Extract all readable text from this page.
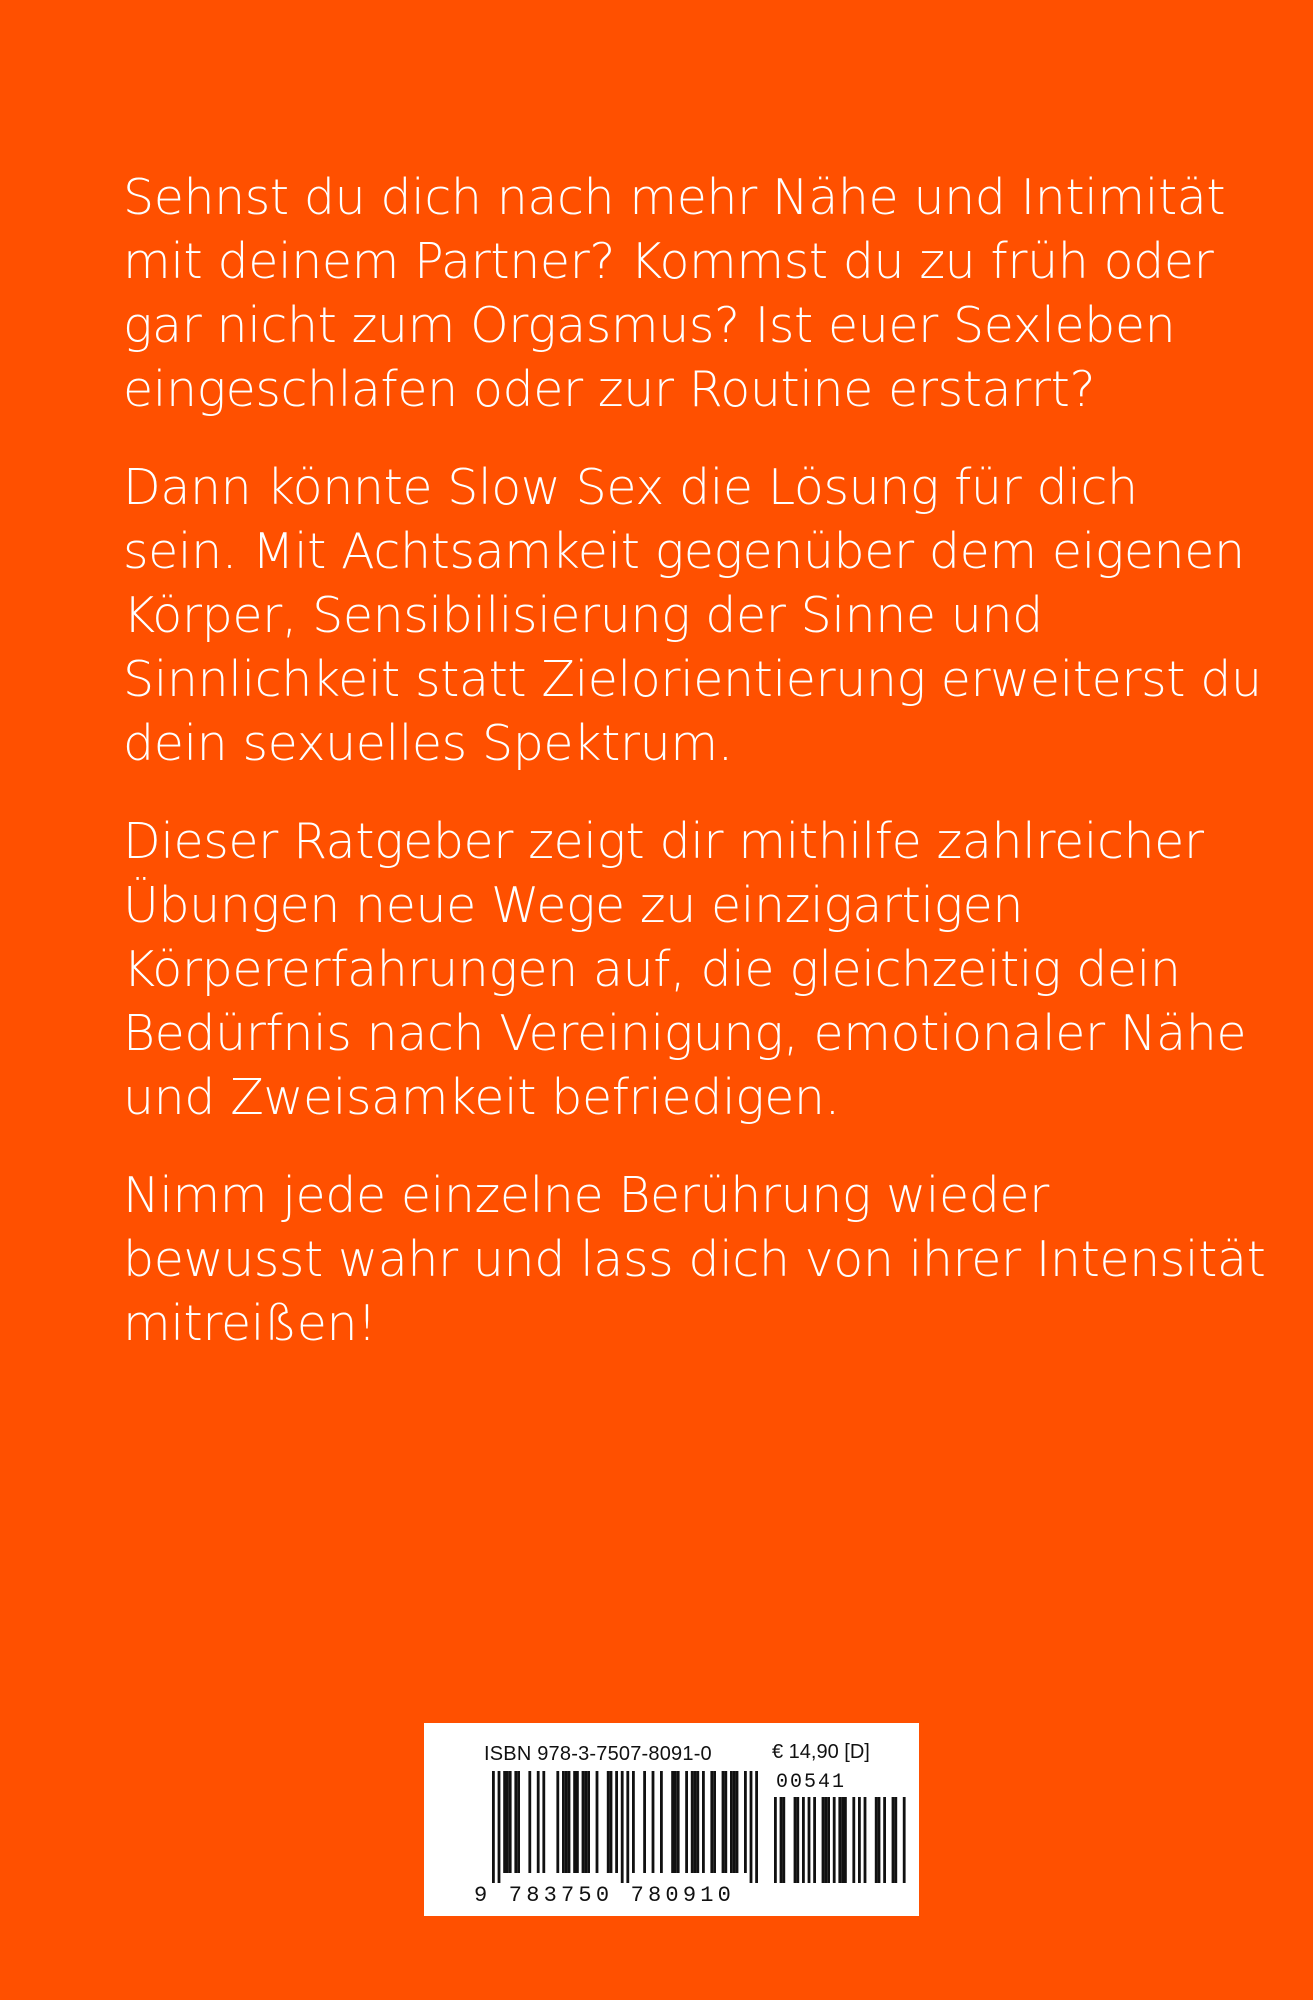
Sehnst du dich nach mehr Nähe und Intimität
mit deinem Partner? Kommst du zu früh oder
gar nicht zum Orgasmus? Ist euer Sexleben
eingeschlafen oder zur Routine erstarrt?

Dann könnte Slow Sex die Lösung für dich
sein. Mit Achtsamkeit gegenüber dem eigenen
Körper, Sensibilisierung der Sinne und
Sinnlichkeit statt Zielorientierung erweiterst du
dein sexuelles Spektrum.

Dieser Ratgeber zeigt dir mithilfe zahlreicher
Übungen neue Wege zu einzigartigen
Körpererfahrungen auf, die gleichzeitig dein
Bedürfnis nach Vereinigung, emotionaler Nähe
und Zweisamkeit befriedigen.

Nimm jede einzelne Berührung wieder
bewusst wahr und lass dich von ihrer Intensität
mitreißen!

ISBN 978-3-7507-8091-0	€ 14,90 [D]
00541
9 783750 780910
